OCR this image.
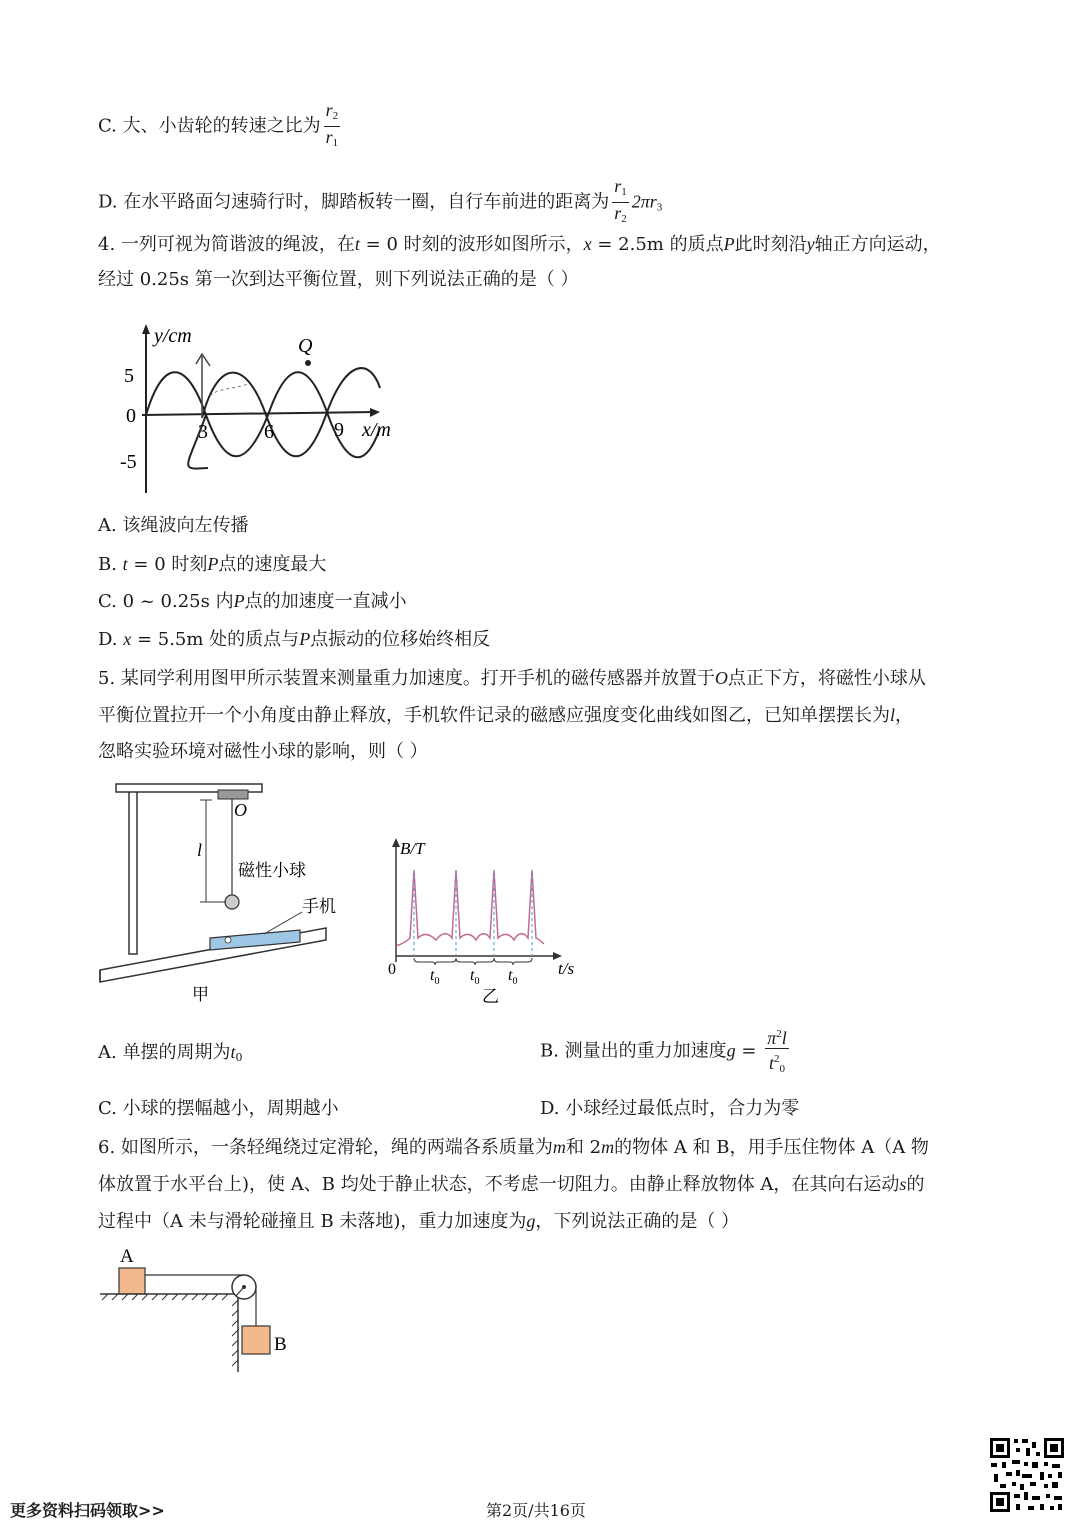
C. 大、小齿轮的转速之比为 $\frac{r_2}{r_1}$
D. 在水平路面匀速骑行时，脚踏板转一圈，自行车前进的距离为 $\frac{r_1}{r_2} 2\pi r_3$
4. 一列可视为简谐波的绳波，在t = 0 时刻的波形如图所示，x = 2.5m 的质点P此时刻沿y轴正方向运动，
经过 0.25s 第一次到达平衡位置，则下列说法正确的是（ ）
5
0
-5
3	6	9
y/cm
x/m
Q
A. 该绳波向左传播
B. t = 0 时刻P点的速度最大
C. 0 ~ 0.25s 内P点的加速度一直减小
D. x = 5.5m 处的质点与P点振动的位移始终相反
5. 某同学利用图甲所示装置来测量重力加速度。打开手机的磁传感器并放置于O点正下方，将磁性小球从
平衡位置拉开一个小角度由静止释放，手机软件记录的磁感应强度变化曲线如图乙，已知单摆摆长为l，
忽略实验环境对磁性小球的影响，则（ ）
l
O
磁性小球
手机
甲
B/T
t/s
0 $t_0$ $t_0$ $t_0$
乙
A. 单摆的周期为$t_0$	B. 测量出的重力加速度$g = \frac{\pi^2l}{t^2_0}$
C. 小球的摆幅越小，周期越小	D. 小球经过最低点时，合力为零
6. 如图所示，一条轻绳绕过定滑轮，绳的两端各系质量为m和 2m的物体 A 和 B，用手压住物体 A（A 物
体放置于水平台上)，使 A、B 均处于静止状态，不考虑一切阻力。由静止释放物体 A，在其向右运动s的
过程中（A 未与滑轮碰撞且 B 未落地)，重力加速度为g，下列说法正确的是（ ）
A
B
更多资料扫码领取>>	第2页/共16页
